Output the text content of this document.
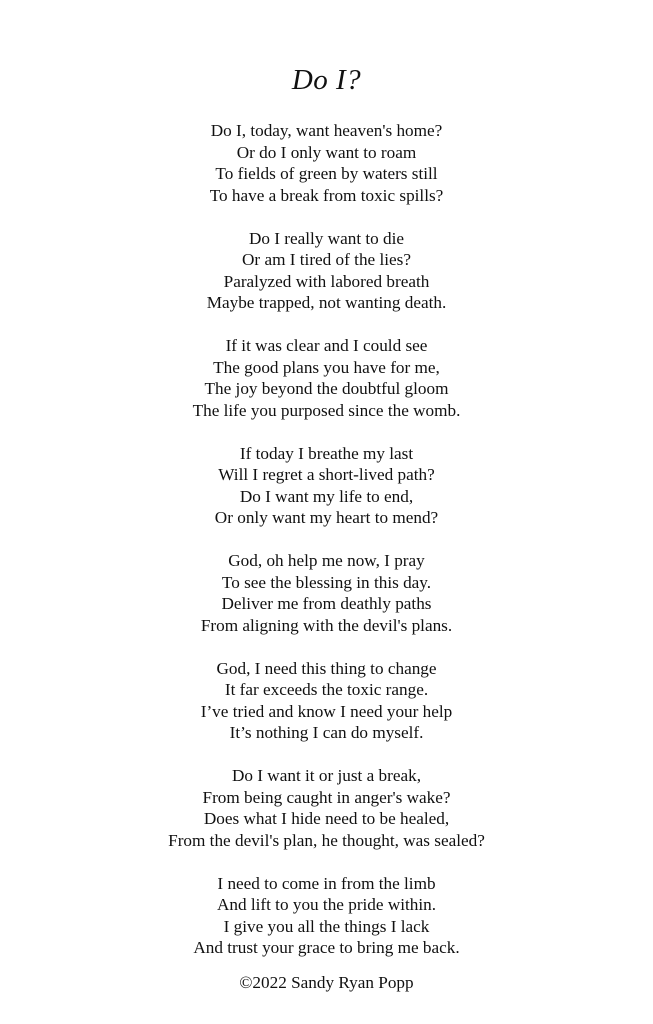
Do I?
Do I, today, want heaven's home?
Or do I only want to roam
To fields of green by waters still
To have a break from toxic spills?
Do I really want to die
Or am I tired of the lies?
Paralyzed with labored breath
Maybe trapped, not wanting death.
If it was clear and I could see
The good plans you have for me,
The joy beyond the doubtful gloom
The life you purposed since the womb.
If today I breathe my last
Will I regret a short-lived path?
Do I want my life to end,
Or only want my heart to mend?
God, oh help me now, I pray
To see the blessing in this day.
Deliver me from deathly paths
From aligning with the devil's plans.
God, I need this thing to change
It far exceeds the toxic range.
I’ve tried and know I need your help
It’s nothing I can do myself.
Do I want it or just a break,
From being caught in anger's wake?
Does what I hide need to be healed,
From the devil's plan, he thought, was sealed?
I need to come in from the limb
And lift to you the pride within.
I give you all the things I lack
And trust your grace to bring me back.
©2022 Sandy Ryan Popp
